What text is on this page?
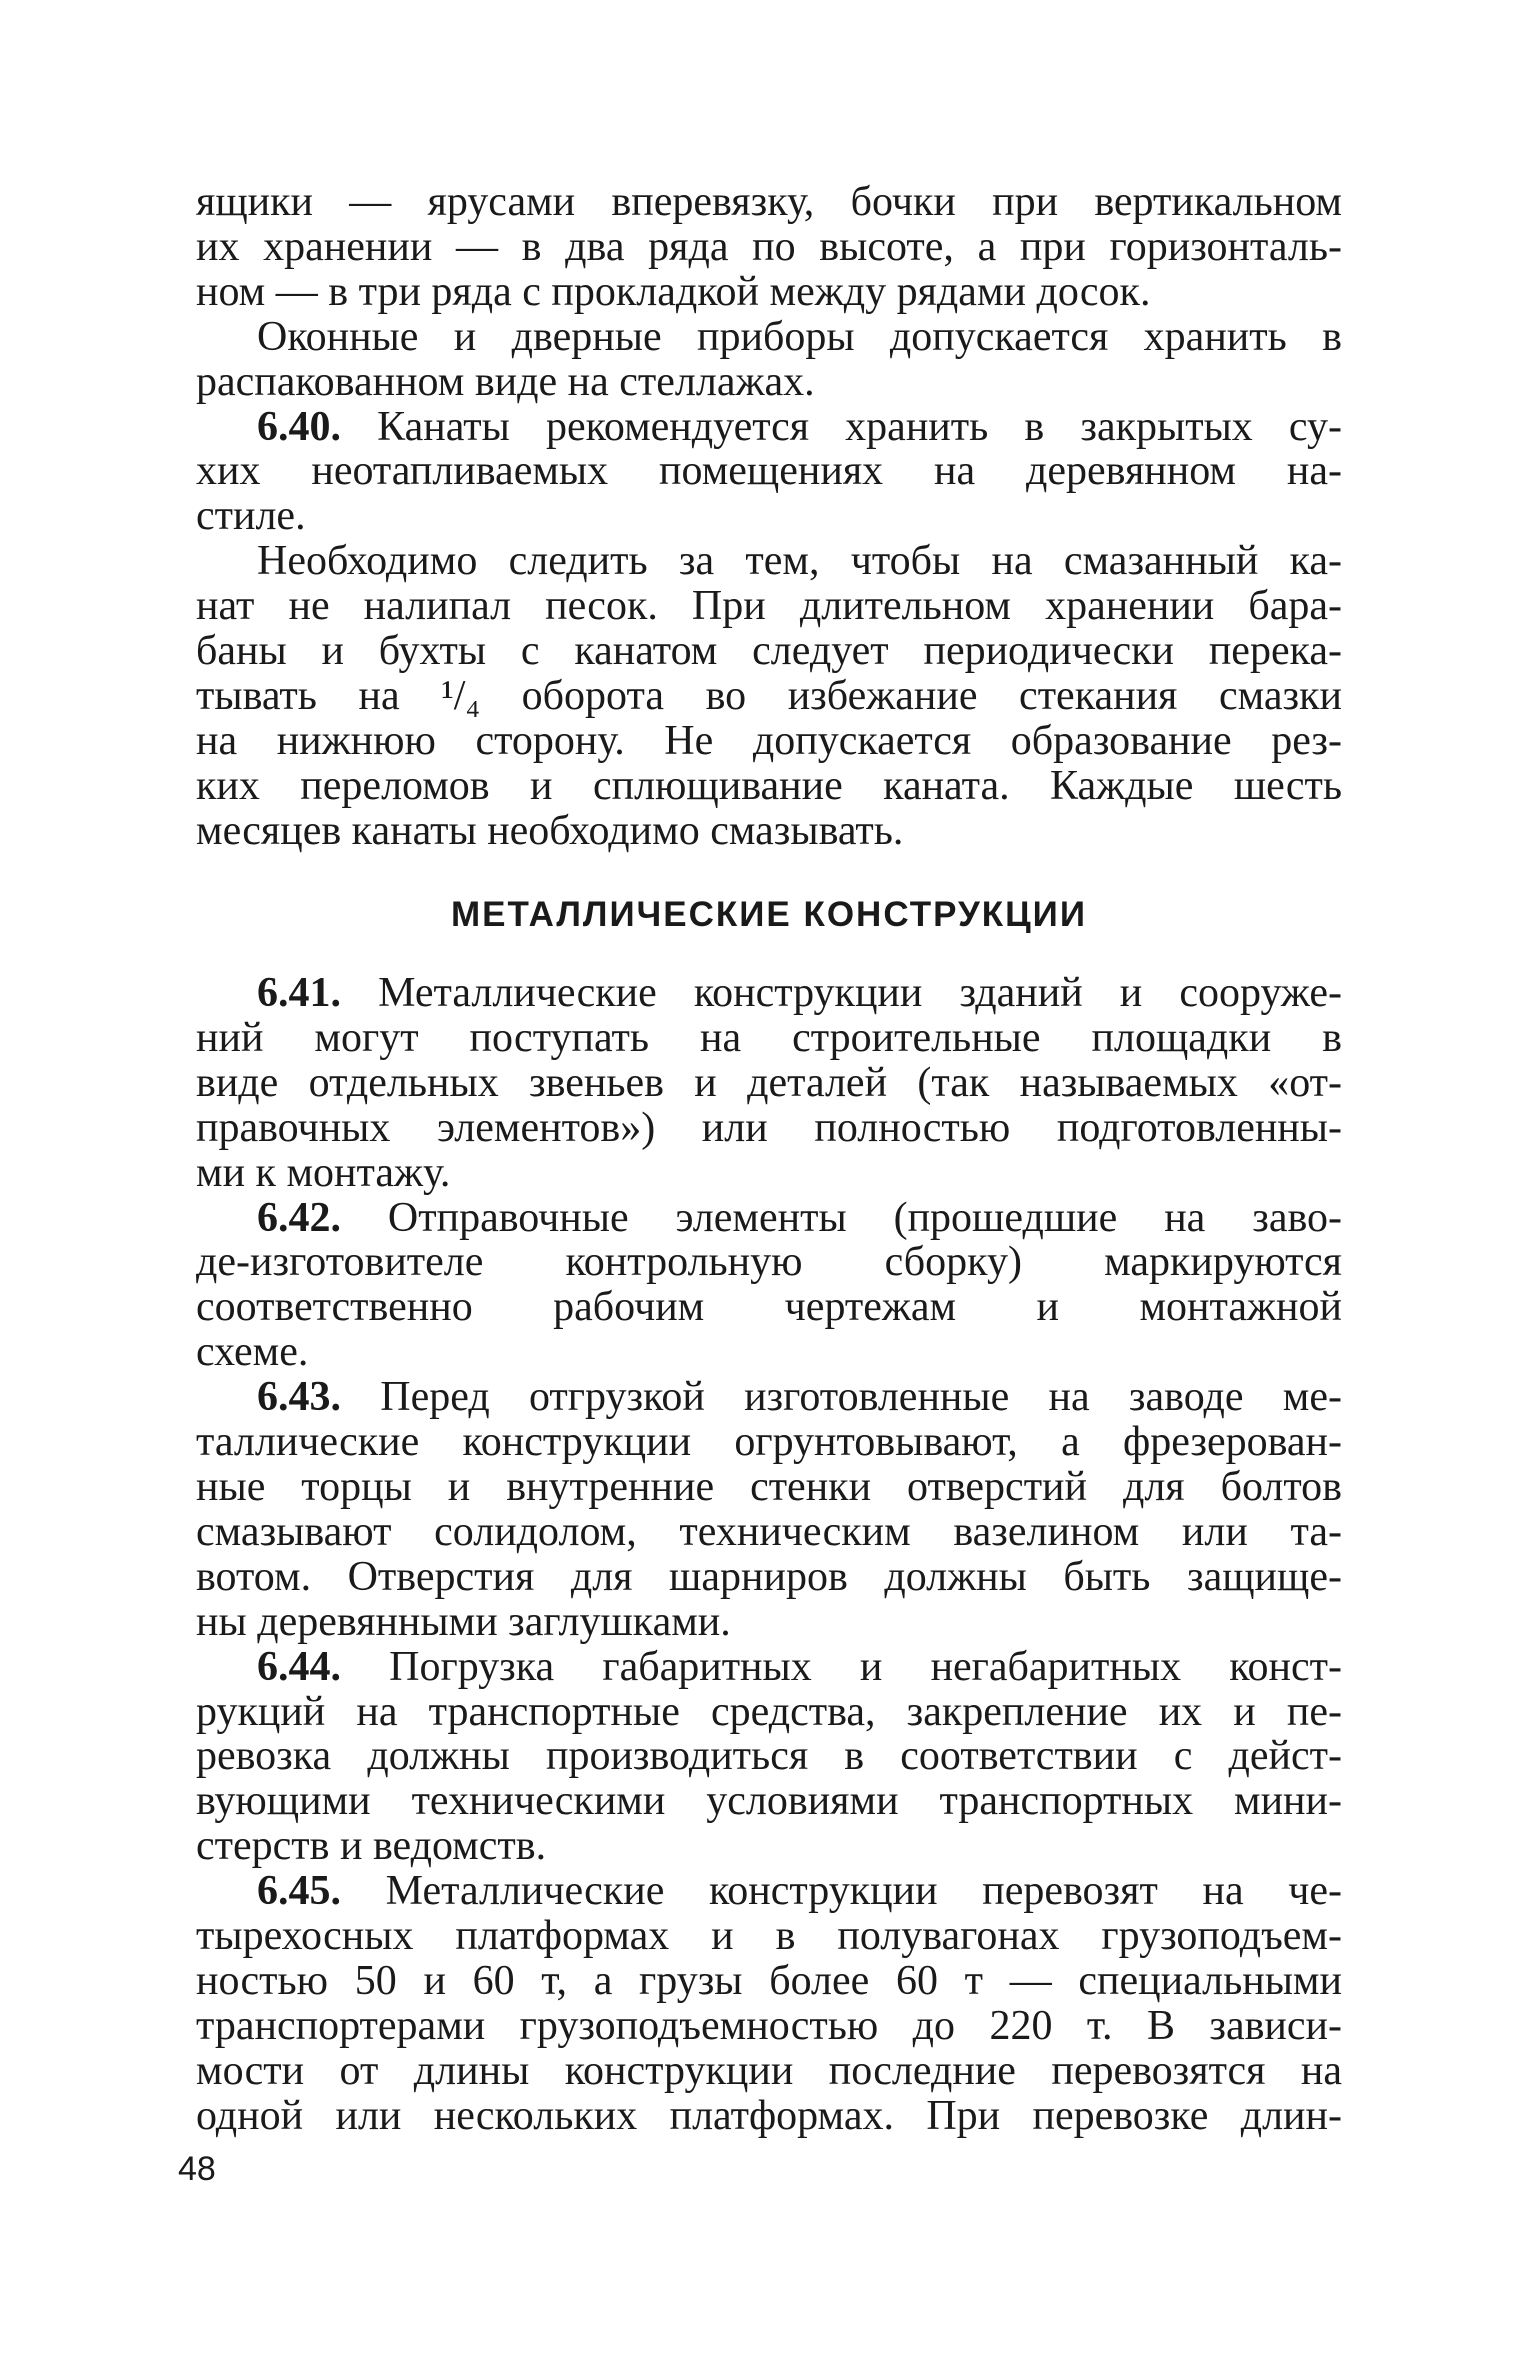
ящики — ярусами вперевязку, бочки при вертикальном
их хранении — в два ряда по высоте, а при горизонталь-
ном — в три ряда с прокладкой между рядами досок.
Оконные и дверные приборы допускается хранить в
распакованном виде на стеллажах.
6.40. Канаты рекомендуется хранить в закрытых су-
хих неотапливаемых помещениях на деревянном на-
стиле.
Необходимо следить за тем, чтобы на смазанный ка-
нат не налипал песок. При длительном хранении бара-
баны и бухты с канатом следует периодически перека-
тывать на ¹/₄ оборота во избежание стекания смазки
на нижнюю сторону. Не допускается образование рез-
ких переломов и сплющивание каната. Каждые шесть
месяцев канаты необходимо смазывать.
МЕТАЛЛИЧЕСКИЕ КОНСТРУКЦИИ
6.41. Металлические конструкции зданий и сооруже-
ний могут поступать на строительные площадки в
виде отдельных звеньев и деталей (так называемых «от-
правочных элементов») или полностью подготовленны-
ми к монтажу.
6.42. Отправочные элементы (прошедшие на заво-
де-изготовителе контрольную сборку) маркируются
соответственно рабочим чертежам и монтажной
схеме.
6.43. Перед отгрузкой изготовленные на заводе ме-
таллические конструкции огрунтовывают, а фрезерован-
ные торцы и внутренние стенки отверстий для болтов
смазывают солидолом, техническим вазелином или та-
вотом. Отверстия для шарниров должны быть защище-
ны деревянными заглушками.
6.44. Погрузка габаритных и негабаритных конст-
рукций на транспортные средства, закрепление их и пе-
ревозка должны производиться в соответствии с дейст-
вующими техническими условиями транспортных мини-
стерств и ведомств.
6.45. Металлические конструкции перевозят на че-
тырехосных платформах и в полувагонах грузоподъем-
ностью 50 и 60 т, а грузы более 60 т — специальными
транспортерами грузоподъемностью до 220 т. В зависи-
мости от длины конструкции последние перевозятся на
одной или нескольких платформах. При перевозке длин-
48
